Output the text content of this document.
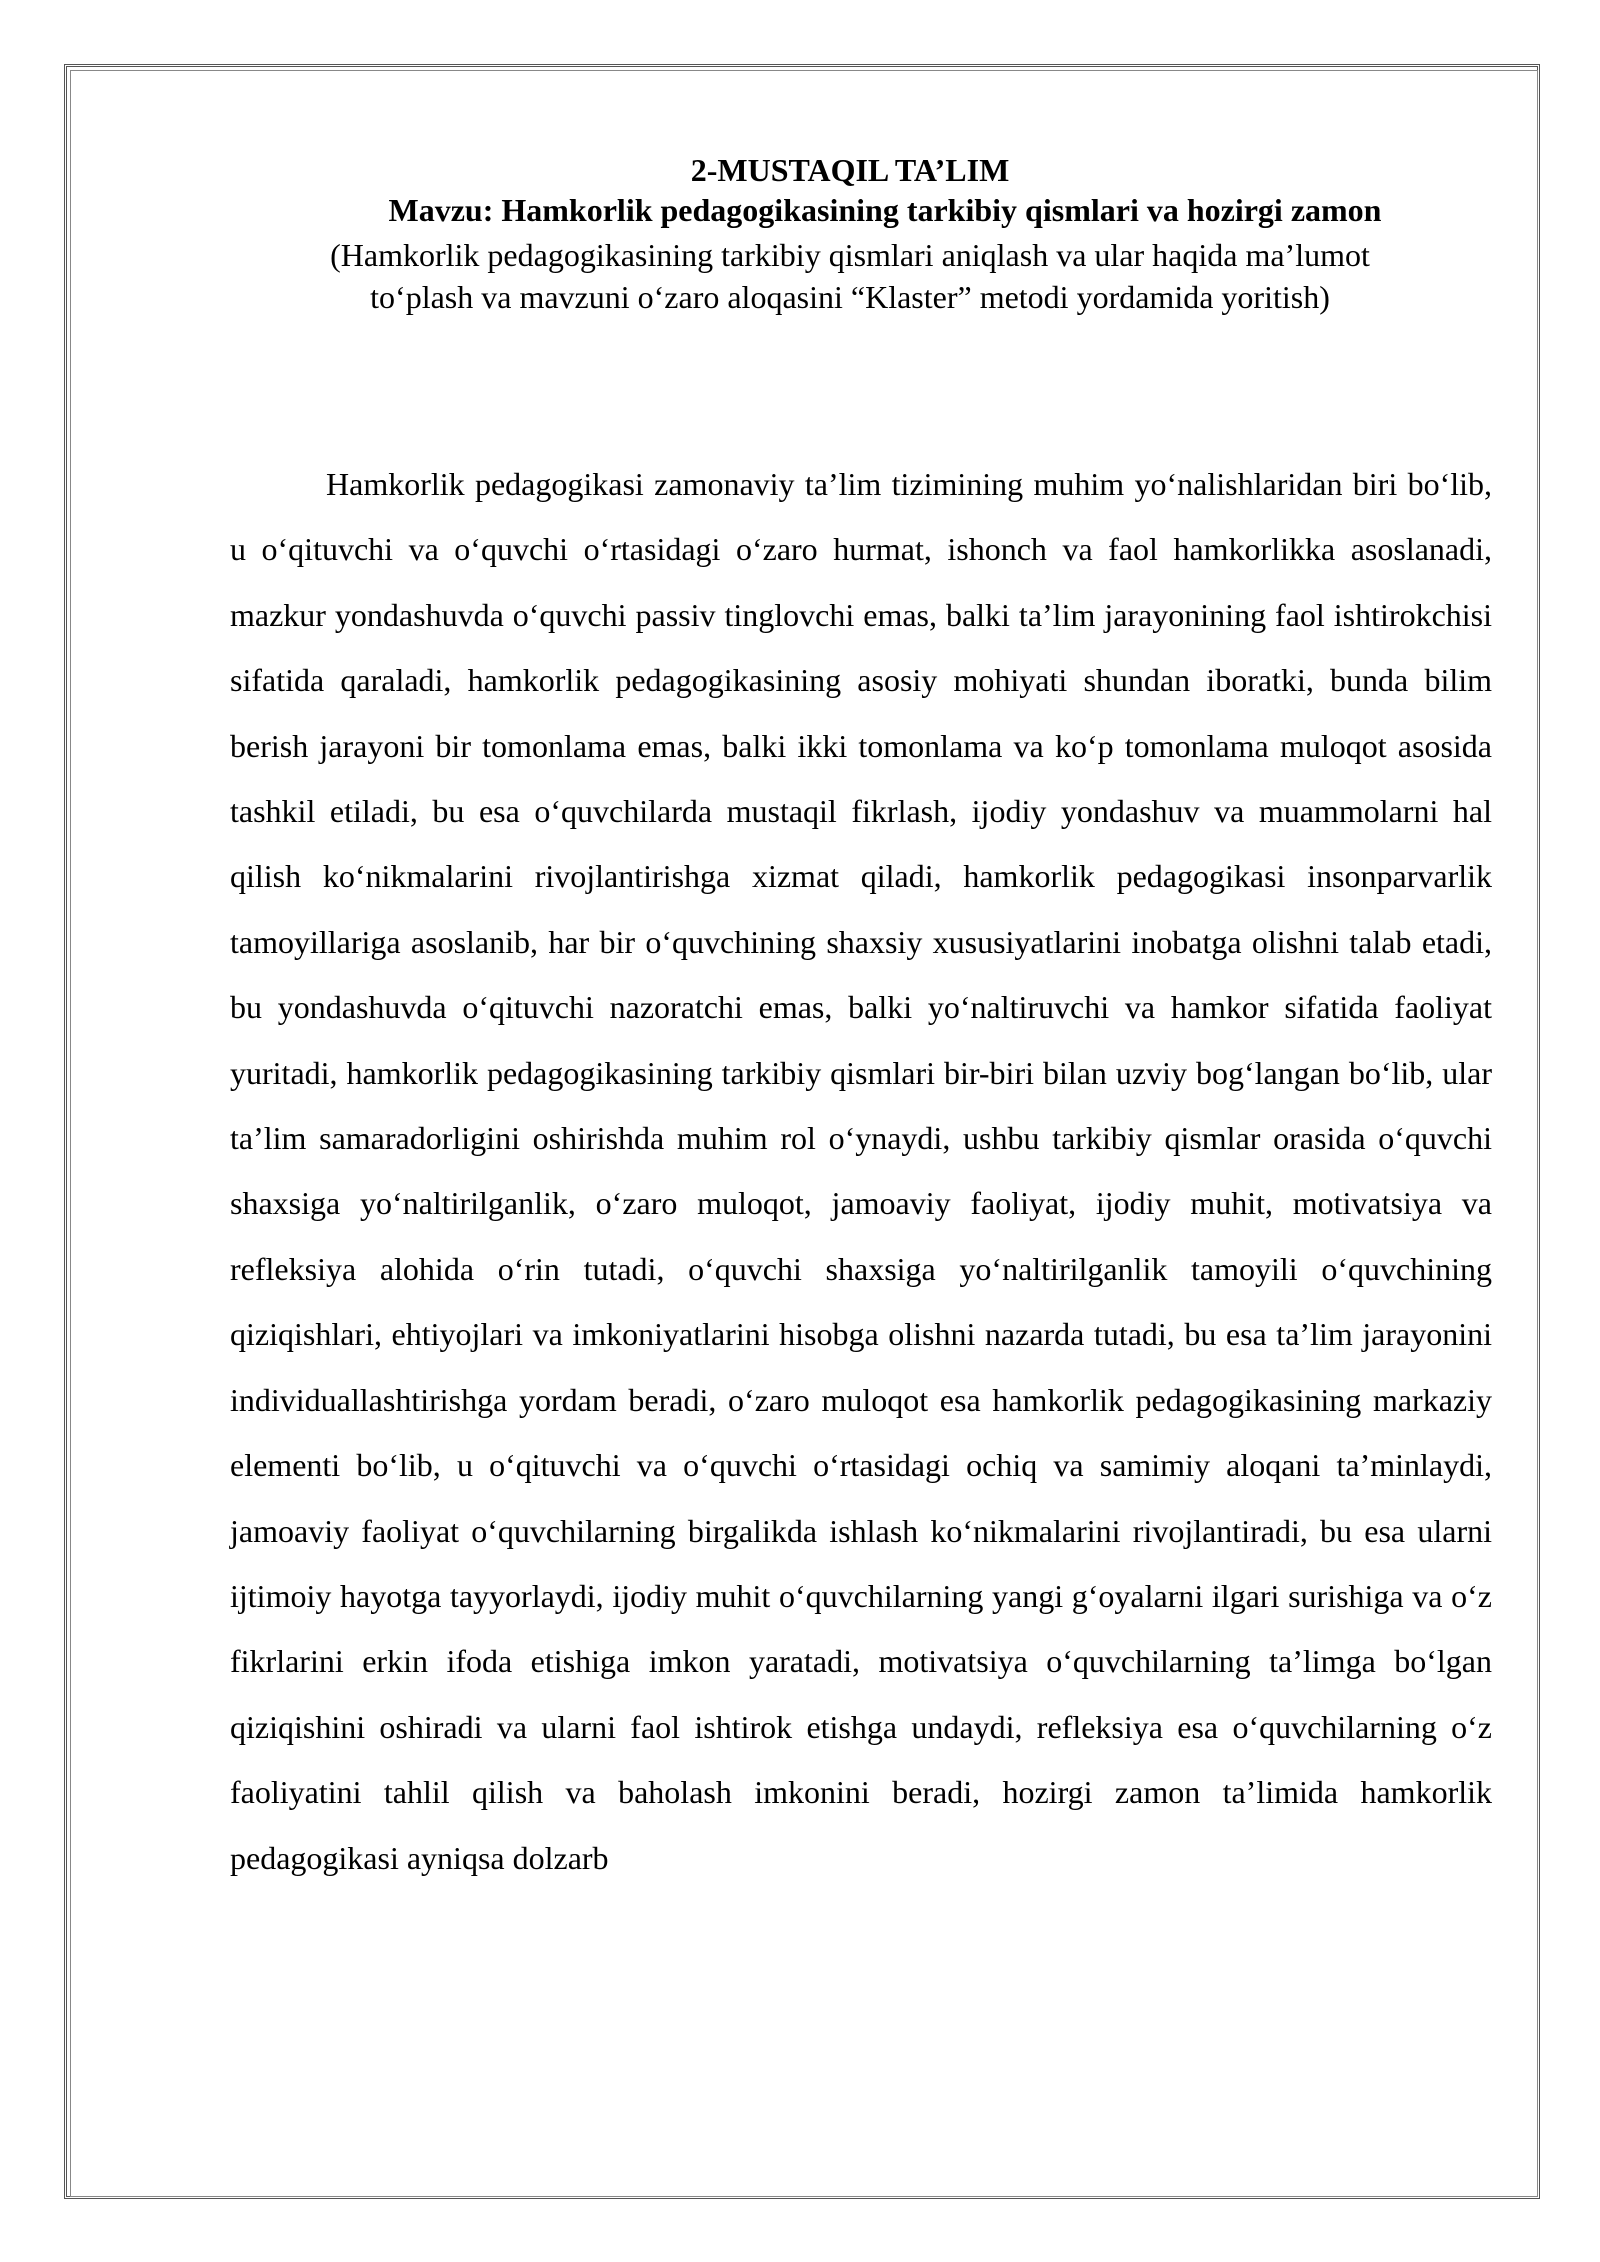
2-MUSTAQIL TA’LIM

Mavzu: Hamkorlik pedagogikasining tarkibiy qismlari va hozirgi zamon

(Hamkorlik pedagogikasining tarkibiy qismlari aniqlash va ular haqida ma’lumot to‘plash va mavzuni o‘zaro aloqasini “Klaster” metodi yordamida yoritish)

Hamkorlik pedagogikasi zamonaviy ta’lim tizimining muhim yo‘nalishlaridan biri bo‘lib, u o‘qituvchi va o‘quvchi o‘rtasidagi o‘zaro hurmat, ishonch va faol hamkorlikka asoslanadi, mazkur yondashuvda o‘quvchi passiv tinglovchi emas, balki ta’lim jarayonining faol ishtirokchisi sifatida qaraladi, hamkorlik pedagogikasining asosiy mohiyati shundan iboratki, bunda bilim berish jarayoni bir tomonlama emas, balki ikki tomonlama va ko‘p tomonlama muloqot asosida tashkil etiladi, bu esa o‘quvchilarda mustaqil fikrlash, ijodiy yondashuv va muammolarni hal qilish ko‘nikmalarini rivojlantirishga xizmat qiladi, hamkorlik pedagogikasi insonparvarlik tamoyillariga asoslanib, har bir o‘quvchining shaxsiy xususiyatlarini inobatga olishni talab etadi, bu yondashuvda o‘qituvchi nazoratchi emas, balki yo‘naltiruvchi va hamkor sifatida faoliyat yuritadi, hamkorlik pedagogikasining tarkibiy qismlari bir-biri bilan uzviy bog‘langan bo‘lib, ular ta’lim samaradorligini oshirishda muhim rol o‘ynaydi, ushbu tarkibiy qismlar orasida o‘quvchi shaxsiga yo‘naltirilganlik, o‘zaro muloqot, jamoaviy faoliyat, ijodiy muhit, motivatsiya va refleksiya alohida o‘rin tutadi, o‘quvchi shaxsiga yo‘naltirilganlik tamoyili o‘quvchining qiziqishlari, ehtiyojlari va imkoniyatlarini hisobga olishni nazarda tutadi, bu esa ta’lim jarayonini individuallashtirishga yordam beradi, o‘zaro muloqot esa hamkorlik pedagogikasining markaziy elementi bo‘lib, u o‘qituvchi va o‘quvchi o‘rtasidagi ochiq va samimiy aloqani ta’minlaydi, jamoaviy faoliyat o‘quvchilarning birgalikda ishlash ko‘nikmalarini rivojlantiradi, bu esa ularni ijtimoiy hayotga tayyorlaydi, ijodiy muhit o‘quvchilarning yangi g‘oyalarni ilgari surishiga va o‘z fikrlarini erkin ifoda etishiga imkon yaratadi, motivatsiya o‘quvchilarning ta’limga bo‘lgan qiziqishini oshiradi va ularni faol ishtirok etishga undaydi, refleksiya esa o‘quvchilarning o‘z faoliyatini tahlil qilish va baholash imkonini beradi, hozirgi zamon ta’limida hamkorlik pedagogikasi ayniqsa dolzarb
